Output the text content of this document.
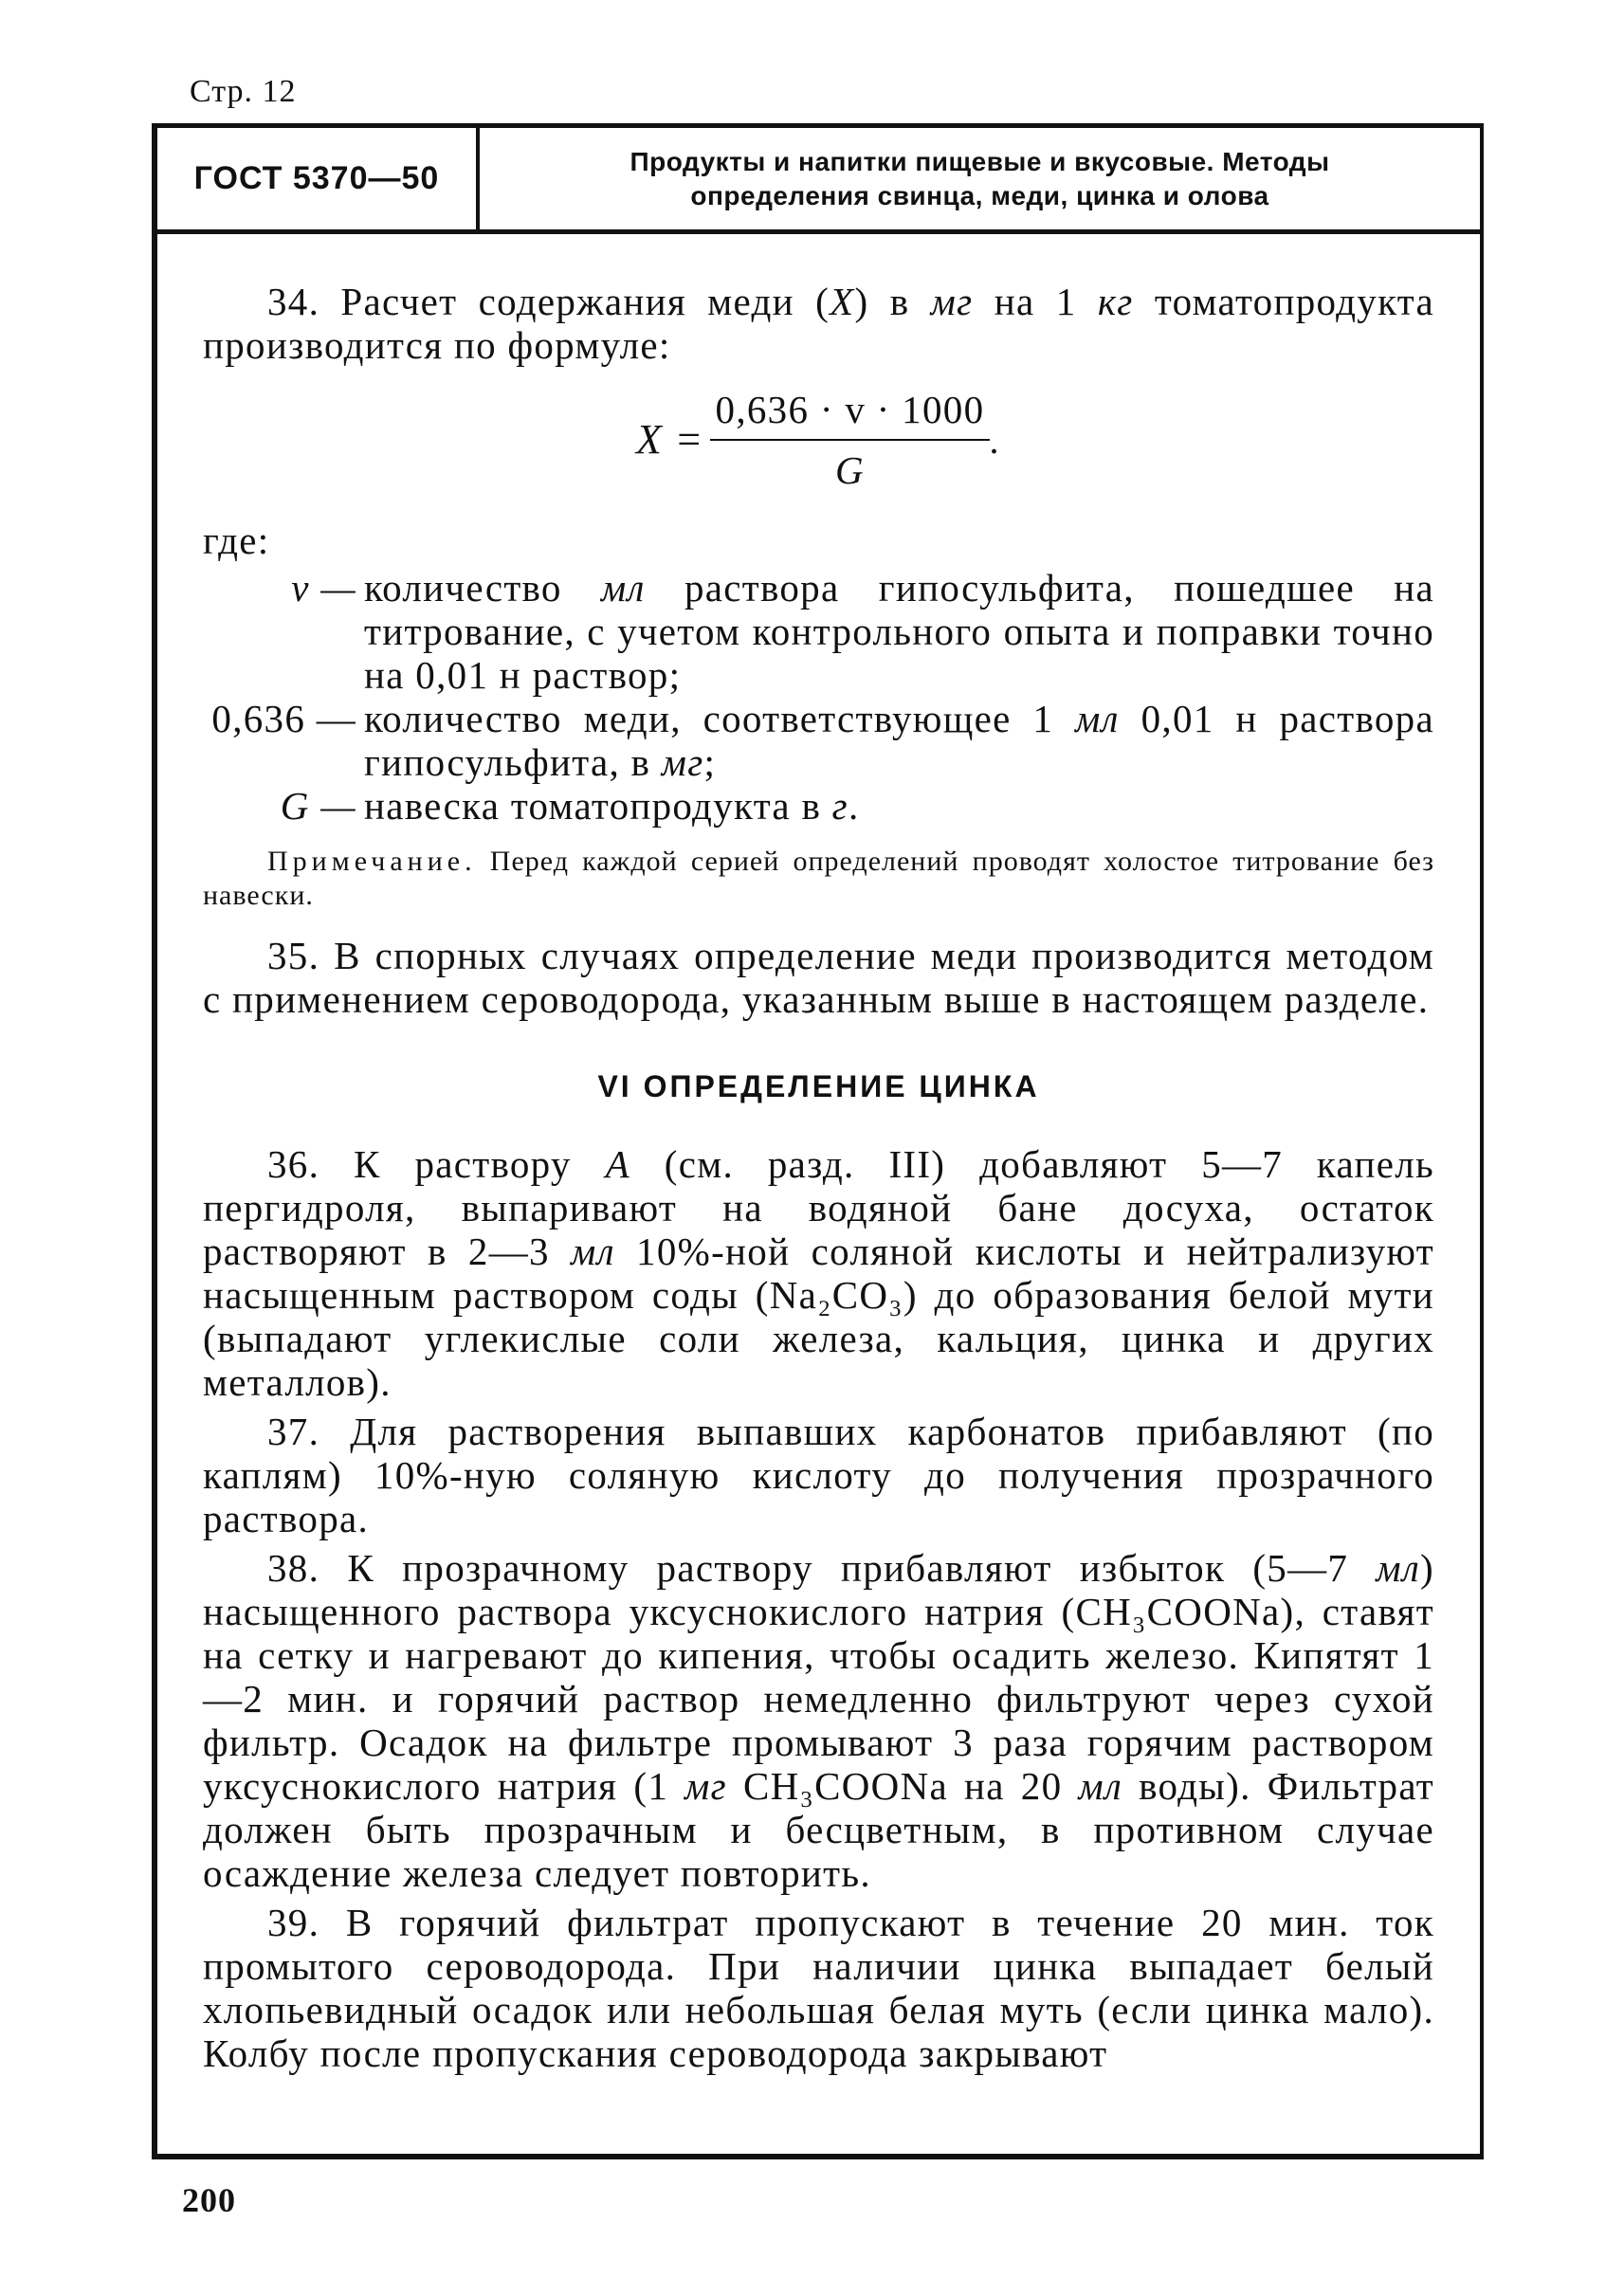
Стр. 12
ГОСТ 5370—50	Продукты и напитки пищевые и вкусовые. Методы
определения свинца, меди, цинка и олова

34. Расчет содержания меди (X) в мг на 1 кг томатопродукта производится по формуле:

$X = \frac{0,636 \cdot v \cdot 1000}{G}$ .
где:
v — количество мл раствора гипосульфита, пошедшее на титрование, с учетом контрольного опыта и поправки точно на 0,01 н раствор;
0,636 — количество меди, соответствующее 1 мл 0,01 н раствора гипосульфита, в мг;
G — навеска томатопродукта в г.

Примечание. Перед каждой серией определений проводят холостое титрование без навески.

35. В спорных случаях определение меди производится методом с применением сероводорода, указанным выше в настоящем разделе.

VI ОПРЕДЕЛЕНИЕ ЦИНКА

36. К раствору А (см. разд. III) добавляют 5—7 капель пергидроля, выпаривают на водяной бане досуха, остаток растворяют в 2—3 мл 10%-ной соляной кислоты и нейтрализуют насыщенным раствором соды (Na₂CO₃) до образования белой мути (выпадают углекислые соли железа, кальция, цинка и других металлов).

37. Для растворения выпавших карбонатов прибавляют (по каплям) 10%-ную соляную кислоту до получения прозрачного раствора.

38. К прозрачному раствору прибавляют избыток (5—7 мл) насыщенного раствора уксуснокислого натрия (CH₃COONa), ставят на сетку и нагревают до кипения, чтобы осадить железо. Кипятят 1—2 мин. и горячий раствор немедленно фильтруют через сухой фильтр. Осадок на фильтре промывают 3 раза горячим раствором уксуснокислого натрия (1 мг CH₃COONa на 20 мл воды). Фильтрат должен быть прозрачным и бесцветным, в противном случае осаждение железа следует повторить.

39. В горячий фильтрат пропускают в течение 20 мин. ток промытого сероводорода. При наличии цинка выпадает белый хлопьевидный осадок или небольшая белая муть (если цинка мало). Колбу после пропускания сероводорода закрывают

200
